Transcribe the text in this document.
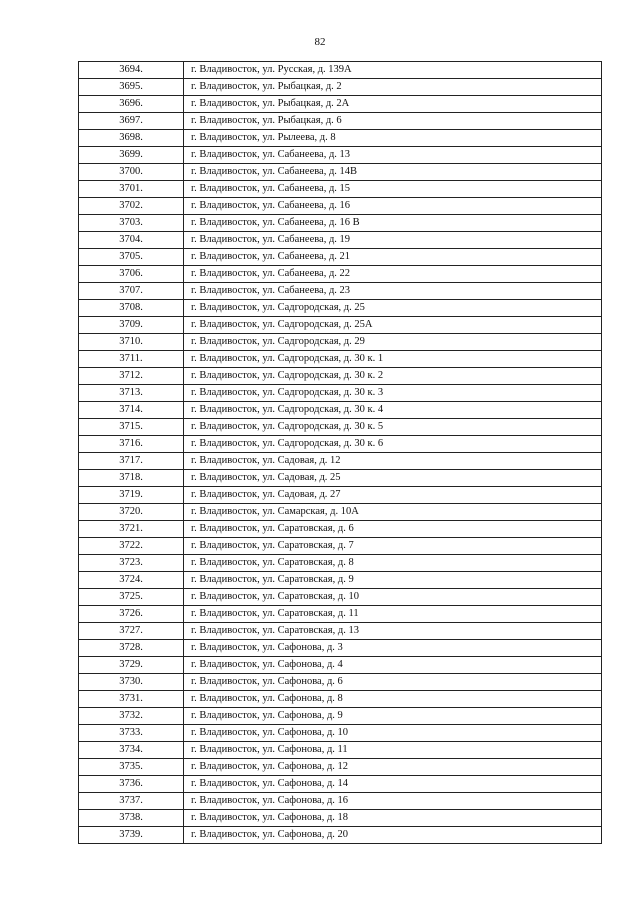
82
3694.	г. Владивосток, ул. Русская, д. 139А
3695.	г. Владивосток, ул. Рыбацкая, д. 2
3696.	г. Владивосток, ул. Рыбацкая, д. 2А
3697.	г. Владивосток, ул. Рыбацкая, д. 6
3698.	г. Владивосток, ул. Рылеева, д. 8
3699.	г. Владивосток, ул. Сабанеева, д. 13
3700.	г. Владивосток, ул. Сабанеева, д. 14В
3701.	г. Владивосток, ул. Сабанеева, д. 15
3702.	г. Владивосток, ул. Сабанеева, д. 16
3703.	г. Владивосток, ул. Сабанеева, д. 16 В
3704.	г. Владивосток, ул. Сабанеева, д. 19
3705.	г. Владивосток, ул. Сабанеева, д. 21
3706.	г. Владивосток, ул. Сабанеева, д. 22
3707.	г. Владивосток, ул. Сабанеева, д. 23
3708.	г. Владивосток, ул. Садгородская, д. 25
3709.	г. Владивосток, ул. Садгородская, д. 25А
3710.	г. Владивосток, ул. Садгородская, д. 29
3711.	г. Владивосток, ул. Садгородская, д. 30 к. 1
3712.	г. Владивосток, ул. Садгородская, д. 30 к. 2
3713.	г. Владивосток, ул. Садгородская, д. 30 к. 3
3714.	г. Владивосток, ул. Садгородская, д. 30 к. 4
3715.	г. Владивосток, ул. Садгородская, д. 30 к. 5
3716.	г. Владивосток, ул. Садгородская, д. 30 к. 6
3717.	г. Владивосток, ул. Садовая, д. 12
3718.	г. Владивосток, ул. Садовая, д. 25
3719.	г. Владивосток, ул. Садовая, д. 27
3720.	г. Владивосток, ул. Самарская, д. 10А
3721.	г. Владивосток, ул. Саратовская, д. 6
3722.	г. Владивосток, ул. Саратовская, д. 7
3723.	г. Владивосток, ул. Саратовская, д. 8
3724.	г. Владивосток, ул. Саратовская, д. 9
3725.	г. Владивосток, ул. Саратовская, д. 10
3726.	г. Владивосток, ул. Саратовская, д. 11
3727.	г. Владивосток, ул. Саратовская, д. 13
3728.	г. Владивосток, ул. Сафонова, д. 3
3729.	г. Владивосток, ул. Сафонова, д. 4
3730.	г. Владивосток, ул. Сафонова, д. 6
3731.	г. Владивосток, ул. Сафонова, д. 8
3732.	г. Владивосток, ул. Сафонова, д. 9
3733.	г. Владивосток, ул. Сафонова, д. 10
3734.	г. Владивосток, ул. Сафонова, д. 11
3735.	г. Владивосток, ул. Сафонова, д. 12
3736.	г. Владивосток, ул. Сафонова, д. 14
3737.	г. Владивосток, ул. Сафонова, д. 16
3738.	г. Владивосток, ул. Сафонова, д. 18
3739.	г. Владивосток, ул. Сафонова, д. 20
